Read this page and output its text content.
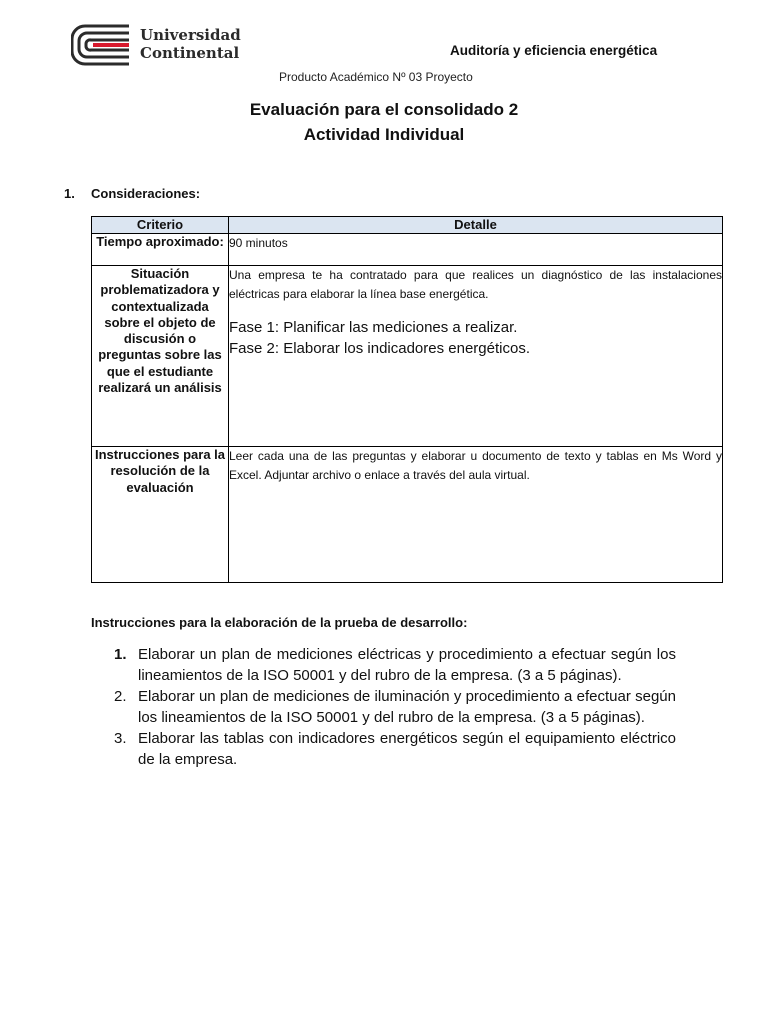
Universidad
Continental	Auditoría y eficiencia energética
Producto Académico Nº 03 Proyecto
Evaluación para el consolidado 2
Actividad Individual
1. Consideraciones:
Criterio	Detalle
Tiempo aproximado:	90 minutos

Situación problematizadora y contextualizada sobre el objeto de discusión o preguntas sobre las que el estudiante realizará un análisis	Una empresa te ha contratado para que realices un diagnóstico de las instalaciones eléctricas para elaborar la línea base energética.
Fase 1: Planificar las mediciones a realizar.
Fase 2: Elaborar los indicadores energéticos.

Instrucciones para la resolución de la evaluación	Leer cada una de las preguntas y elaborar u documento de texto y tablas en Ms Word y Excel. Adjuntar archivo o enlace a través del aula virtual.
Instrucciones para la elaboración de la prueba de desarrollo:
1. Elaborar un plan de mediciones eléctricas y procedimiento a efectuar según los lineamientos de la ISO 50001 y del rubro de la empresa. (3 a 5 páginas).
2. Elaborar un plan de mediciones de iluminación y procedimiento a efectuar según los lineamientos de la ISO 50001 y del rubro de la empresa. (3 a 5 páginas).
3. Elaborar las tablas con indicadores energéticos según el equipamiento eléctrico de la empresa.
